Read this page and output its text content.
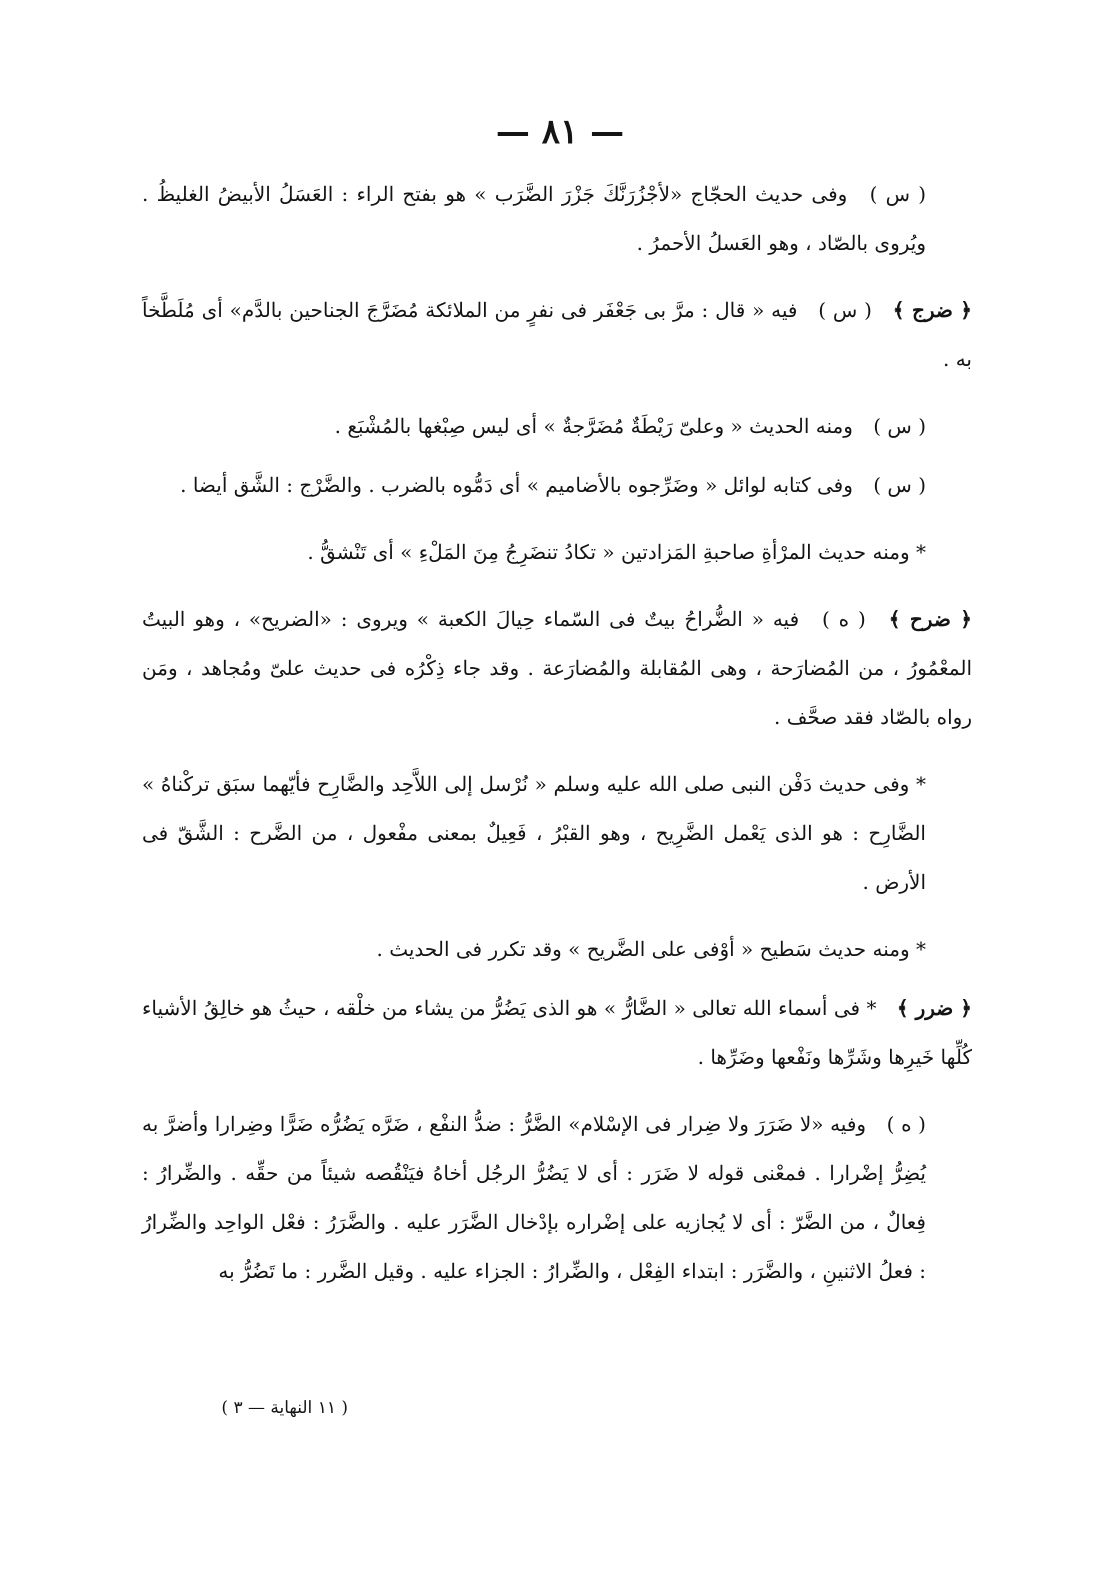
— ٨١ —

( س ) وفى حديث الحجّاج «لأجْزُرَنَّكَ جَزْرَ الضَّرَب » هو بفتح الراء : العَسَلُ الأبيضُ الغليظُ . ويُروى بالصّاد ، وهو العَسلُ الأحمرُ .

﴿ ضرج ﴾ ( س ) فيه « قال : مرَّ بى جَعْفَر فى نفرٍ من الملائكة مُضَرَّجَ الجناحين بالدَّم» أى مُلَطَّخاً به .

( س ) ومنه الحديث « وعلىّ رَيْطَةٌ مُضَرَّجةٌ » أى ليس صِبْغها بالمُشْبَع .

( س ) وفى كتابه لوائل « وضَرِّجوه بالأضاميم » أى دَمُّوه بالضرب . والضَّرْج : الشَّق أيضا .

* ومنه حديث المرْأةِ صاحبةِ المَزادتين « تكادُ تنضَرِجُ مِنَ المَلْءِ » أى تَنْشقُّ .

﴿ ضرح ﴾ ( ه ) فيه « الضُّراحُ بيتٌ فى السّماء حِيالَ الكعبة » ويروى : «الضريح» ، وهو البيتُ المعْمُورُ ، من المُضارَحة ، وهى المُقابلة والمُضارَعة . وقد جاء ذِكْرُه فى حديث علىّ ومُجاهد ، ومَن رواه بالصّاد فقد صحَّف .

* وفى حديث دَفْن النبى صلى الله عليه وسلم « نُرْسل إلى اللاَّحِد والضَّارِح فأيّهما سبَق تركْناهُ » الضَّارِح : هو الذى يَعْمل الضَّرِيح ، وهو القبْرُ ، فَعِيلٌ بمعنى مفْعول ، من الضَّرح : الشَّقّ فى الأرض .

* ومنه حديث سَطيح « أوْفى على الضَّريح » وقد تكرر فى الحديث .

﴿ ضرر ﴾ * فى أسماء الله تعالى « الضَّارُّ » هو الذى يَضُرُّ من يشاء من خلْقه ، حيثُ هو خالِقُ الأشياء كُلِّها خَيرِها وشَرِّها ونَفْعها وضَرِّها .

( ه ) وفيه «لا ضَرَرَ ولا ضِرار فى الإسْلام» الضَّرُّ : ضدُّ النفْع ، ضَرَّه يَضُرُّه ضَرًّا وضِرارا وأضرَّ به يُضِرُّ إضْرارا . فمعْنى قوله لا ضَرَر : أى لا يَضُرُّ الرجُل أخاهُ فيَنْقُصه شيئاً من حقِّه . والضِّرارُ : فِعالٌ ، من الضَّرّ : أى لا يُجازيه على إضْراره بإدْخال الضَّرَر عليه . والضَّرَرُ : فعْل الواحِد والضِّرارُ : فعلُ الاثنينِ ، والضَّرَر : ابتداء الفِعْل ، والضِّرارُ : الجزاء عليه . وقيل الضَّرر : ما تَضُرُّ به

( ١١ النهاية — ٣ )
